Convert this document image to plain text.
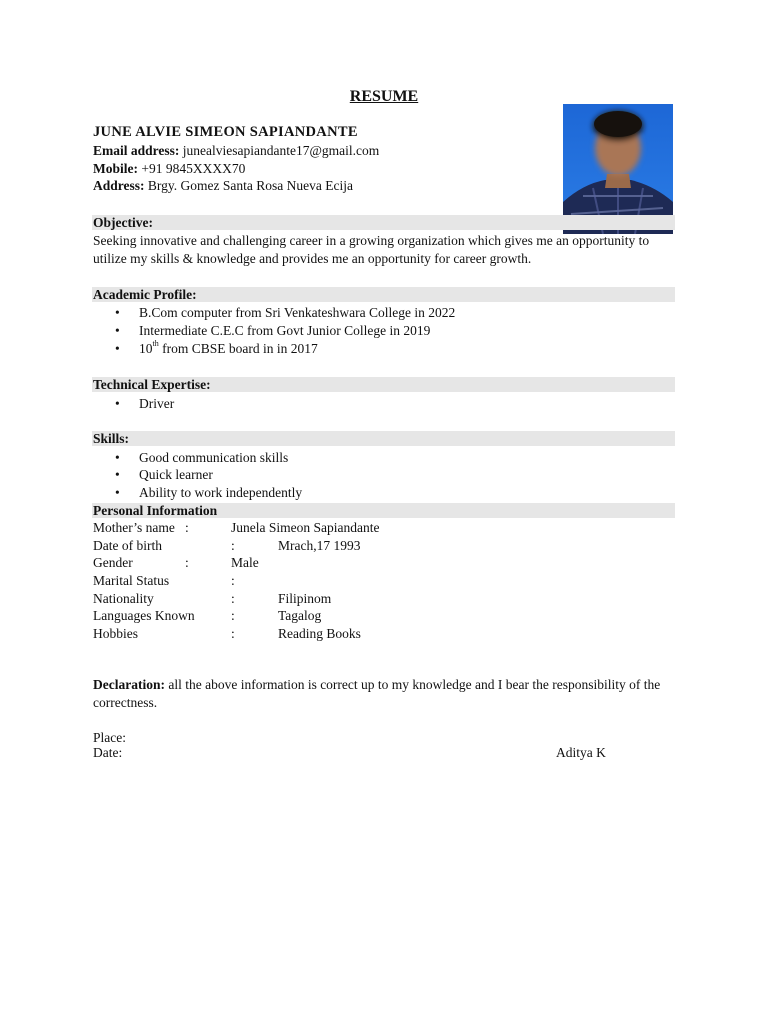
RESUME
JUNE ALVIE SIMEON SAPIANDANTE
Email address: junealviesapiandante17@gmail.com
Mobile: +91 9845XXXX70
Address: Brgy. Gomez Santa Rosa Nueva Ecija
Objective:
Seeking innovative and challenging career in a growing organization which gives me an opportunity to utilize my skills & knowledge and provides me an opportunity for career growth.
Academic Profile:
• B.Com computer from Sri Venkateshwara College in 2022
• Intermediate C.E.C from Govt Junior College in 2019
• 10th from CBSE board in in 2017
Technical Expertise:
• Driver
Skills:
• Good communication skills
• Quick learner
• Ability to work independently
Personal Information
Mother’s name :	Junela Simeon Sapiandante
Date of birth	:	Mrach,17 1993
Gender	:	Male
Marital Status	:
Nationality	:	Filipinom
Languages Known	:	Tagalog
Hobbies	:	Reading Books
Declaration: all the above information is correct up to my knowledge and I bear the responsibility of the correctness.
Place:
Date:	Aditya K
